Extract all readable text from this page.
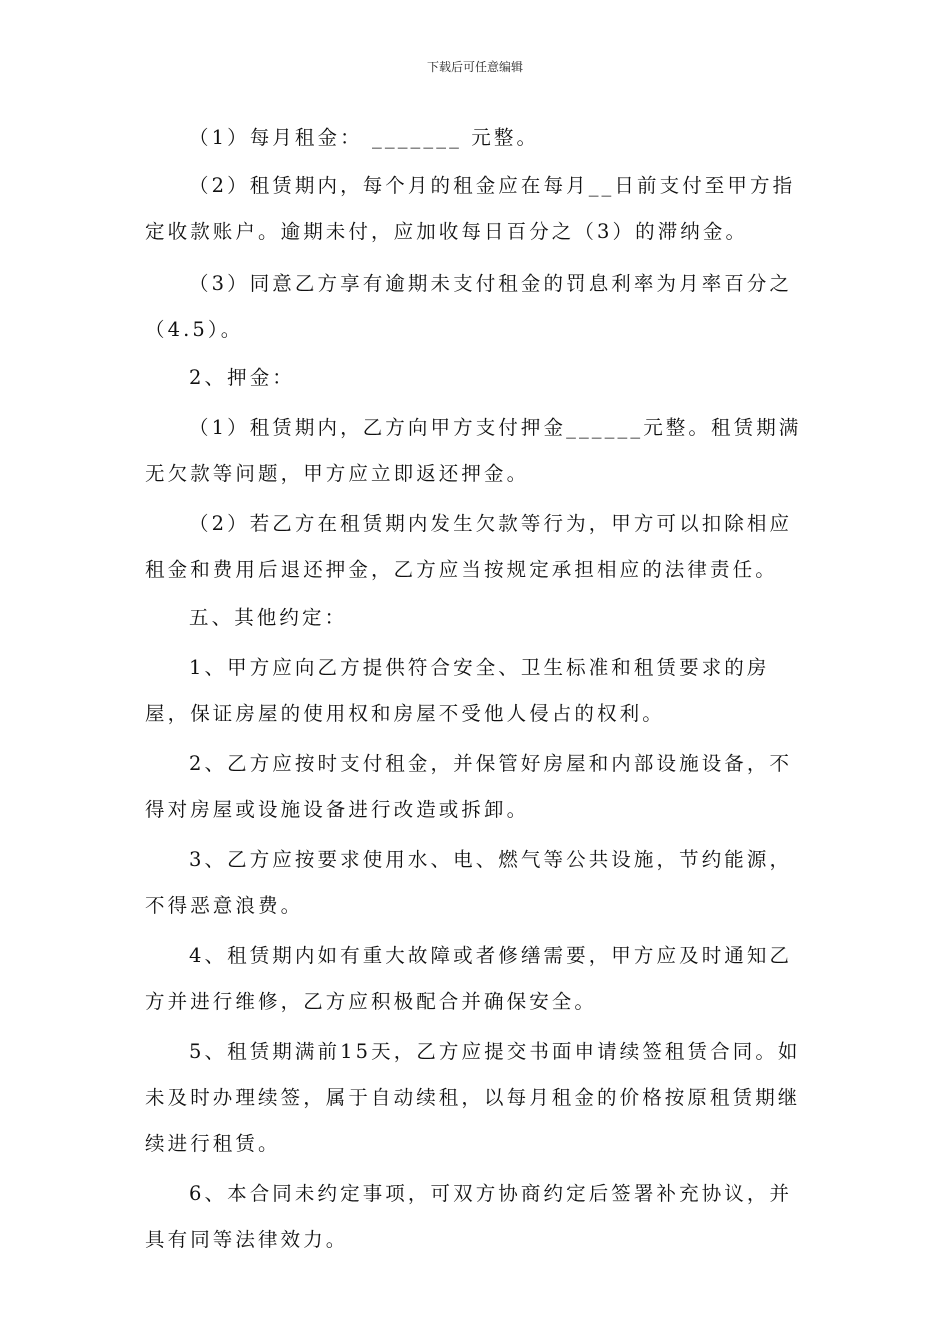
下载后可任意编辑

（1）每月租金： _______ 元整。

（2）租赁期内，每个月的租金应在每月__日前支付至甲方指定收款账户。逾期未付，应加收每日百分之（3）的滞纳金。

（3）同意乙方享有逾期未支付租金的罚息利率为月率百分之（4.5）。

2、押金：

（1）租赁期内，乙方向甲方支付押金______元整。租赁期满无欠款等问题，甲方应立即返还押金。

（2）若乙方在租赁期内发生欠款等行为，甲方可以扣除相应租金和费用后退还押金，乙方应当按规定承担相应的法律责任。

五、其他约定：

1、甲方应向乙方提供符合安全、卫生标准和租赁要求的房屋，保证房屋的使用权和房屋不受他人侵占的权利。

2、乙方应按时支付租金，并保管好房屋和内部设施设备，不得对房屋或设施设备进行改造或拆卸。

3、乙方应按要求使用水、电、燃气等公共设施，节约能源，不得恶意浪费。

4、租赁期内如有重大故障或者修缮需要，甲方应及时通知乙方并进行维修，乙方应积极配合并确保安全。

5、租赁期满前15天，乙方应提交书面申请续签租赁合同。如未及时办理续签，属于自动续租，以每月租金的价格按原租赁期继续进行租赁。

6、本合同未约定事项，可双方协商约定后签署补充协议，并具有同等法律效力。
